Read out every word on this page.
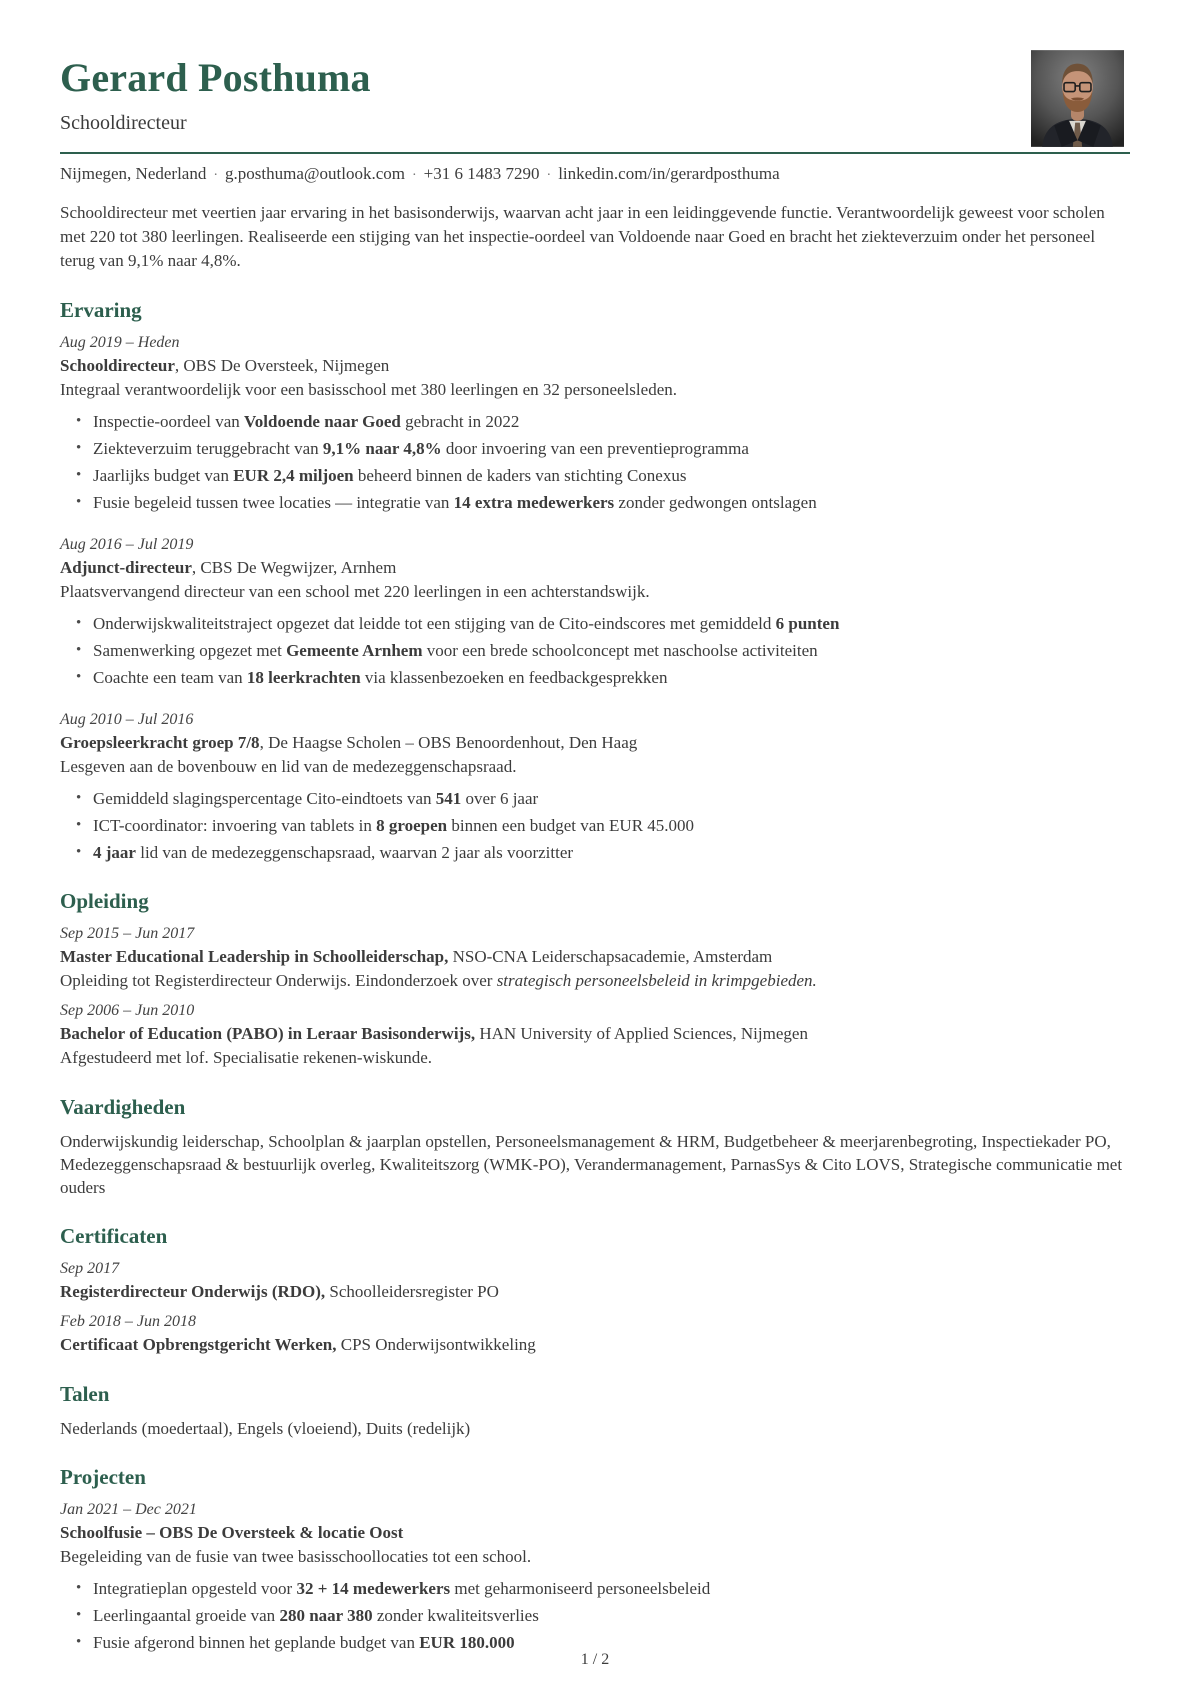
Gerard Posthuma
Schooldirecteur
Nijmegen, Nederland · g.posthuma@outlook.com · +31 6 1483 7290 · linkedin.com/in/gerardposthuma

Schooldirecteur met veertien jaar ervaring in het basisonderwijs, waarvan acht jaar in een leidinggevende functie. Verantwoordelijk geweest voor scholen met 220 tot 380 leerlingen. Realiseerde een stijging van het inspectie-oordeel van Voldoende naar Goed en bracht het ziekteverzuim onder het personeel terug van 9,1% naar 4,8%.

Ervaring
Aug 2019 – Heden
Schooldirecteur, OBS De Oversteek, Nijmegen

Integraal verantwoordelijk voor een basisschool met 380 leerlingen en 32 personeelsleden.

• Inspectie-oordeel van Voldoende naar Goed gebracht in 2022
• Ziekteverzuim teruggebracht van 9,1% naar 4,8% door invoering van een preventieprogramma
• Jaarlijks budget van EUR 2,4 miljoen beheerd binnen de kaders van stichting Conexus
• Fusie begeleid tussen twee locaties — integratie van 14 extra medewerkers zonder gedwongen ontslagen
Aug 2016 – Jul 2019
Adjunct-directeur, CBS De Wegwijzer, Arnhem

Plaatsvervangend directeur van een school met 220 leerlingen in een achterstandswijk.

• Onderwijskwaliteitstraject opgezet dat leidde tot een stijging van de Cito-eindscores met gemiddeld 6 punten
• Samenwerking opgezet met Gemeente Arnhem voor een brede schoolconcept met naschoolse activiteiten
• Coachte een team van 18 leerkrachten via klassenbezoeken en feedbackgesprekken
Aug 2010 – Jul 2016
Groepsleerkracht groep 7/8, De Haagse Scholen – OBS Benoordenhout, Den Haag

Lesgeven aan de bovenbouw en lid van de medezeggenschapsraad.

• Gemiddeld slagingspercentage Cito-eindtoets van 541 over 6 jaar
• ICT-coordinator: invoering van tablets in 8 groepen binnen een budget van EUR 45.000
• 4 jaar lid van de medezeggenschapsraad, waarvan 2 jaar als voorzitter
Opleiding
Sep 2015 – Jun 2017
Master Educational Leadership in Schoolleiderschap, NSO-CNA Leiderschapsacademie, Amsterdam

Opleiding tot Registerdirecteur Onderwijs. Eindonderzoek over strategisch personeelsbeleid in krimpgebieden.

Sep 2006 – Jun 2010
Bachelor of Education (PABO) in Leraar Basisonderwijs, HAN University of Applied Sciences, Nijmegen

Afgestudeerd met lof. Specialisatie rekenen-wiskunde.

Vaardigheden

Onderwijskundig leiderschap, Schoolplan & jaarplan opstellen, Personeelsmanagement & HRM, Budgetbeheer & meerjarenbegroting, Inspectiekader PO, Medezeggenschapsraad & bestuurlijk overleg, Kwaliteitszorg (WMK-PO), Verandermanagement, ParnasSys & Cito LOVS, Strategische communicatie met ouders

Certificaten
Sep 2017
Registerdirecteur Onderwijs (RDO), Schoolleidersregister PO
Feb 2018 – Jun 2018
Certificaat Opbrengstgericht Werken, CPS Onderwijsontwikkeling
Talen

Nederlands (moedertaal), Engels (vloeiend), Duits (redelijk)

Projecten
Jan 2021 – Dec 2021
Schoolfusie – OBS De Oversteek & locatie Oost

Begeleiding van de fusie van twee basisschoollocaties tot een school.

• Integratieplan opgesteld voor 32 + 14 medewerkers met geharmoniseerd personeelsbeleid
• Leerlingaantal groeide van 280 naar 380 zonder kwaliteitsverlies
• Fusie afgerond binnen het geplande budget van EUR 180.000
1 / 2
